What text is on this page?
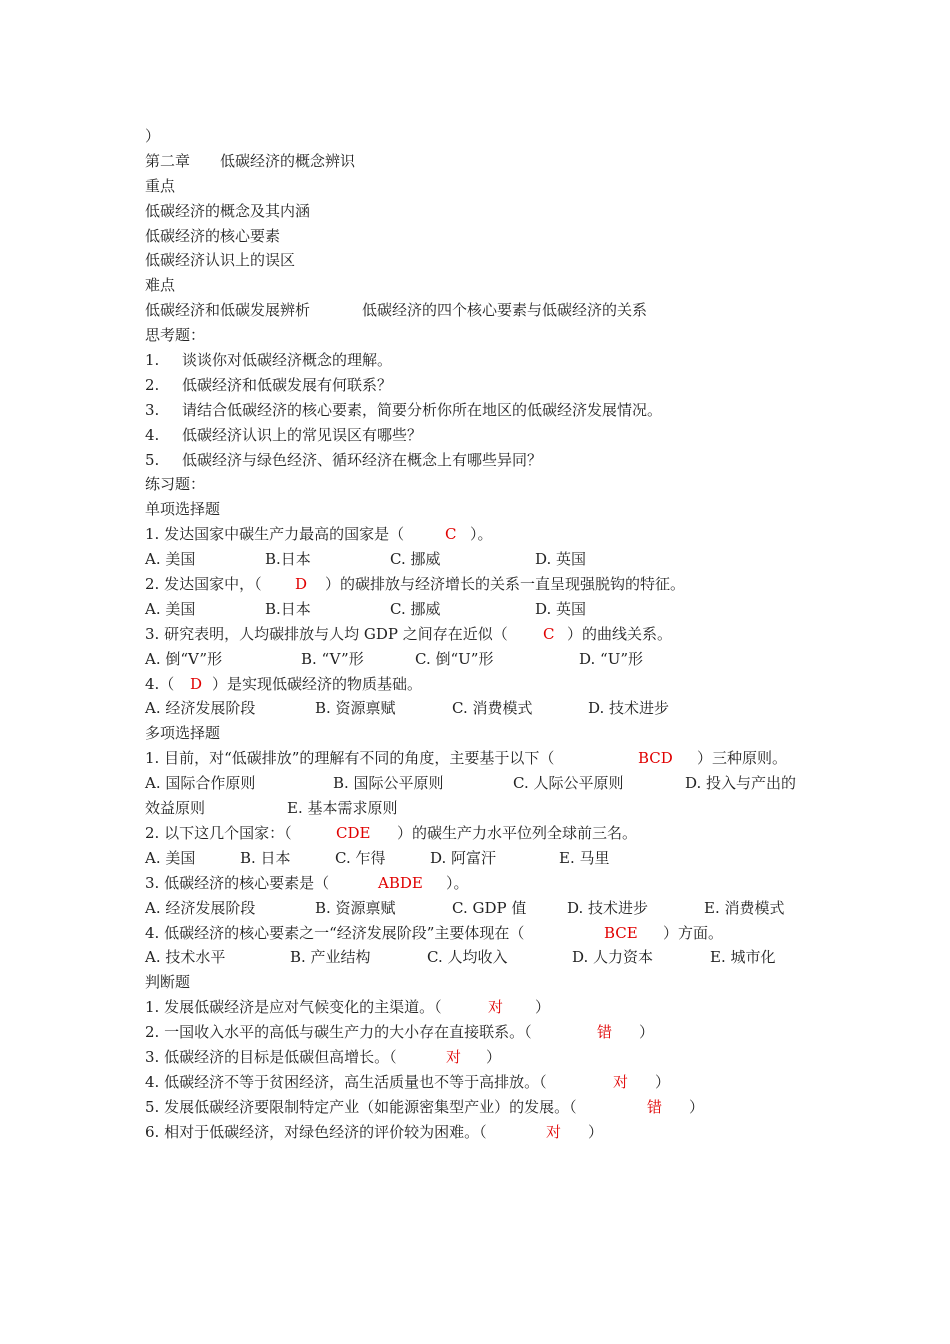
）
第二章 低碳经济的概念辨识
重点
低碳经济的概念及其内涵
低碳经济的核心要素
低碳经济认识上的误区
难点
低碳经济和低碳发展辨析	低碳经济的四个核心要素与低碳经济的关系
思考题：
1. 谈谈你对低碳经济概念的理解。
2. 低碳经济和低碳发展有何联系？
3. 请结合低碳经济的核心要素，简要分析你所在地区的低碳经济发展情况。
4. 低碳经济认识上的常见误区有哪些？
5. 低碳经济与绿色经济、循环经济在概念上有哪些异同？
练习题：
单项选择题
1. 发达国家中碳生产力最高的国家是（	C ）。
A. 美国	B.日本	C. 挪威	D. 英国
2. 发达国家中，（ D ）的碳排放与经济增长的关系一直呈现强脱钩的特征。
A. 美国	B.日本	C. 挪威	D. 英国
3. 研究表明，人均碳排放与人均 GDP 之间存在近似（ C ）的曲线关系。
A. 倒“V”形	B. “V”形	C. 倒“U”形	D. “U”形
4.（ D ）是实现低碳经济的物质基础。
A. 经济发展阶段	B. 资源禀赋	C. 消费模式	D. 技术进步
多项选择题
1. 目前，对“低碳排放”的理解有不同的角度，主要基于以下（	BCD ）三种原则。
A. 国际合作原则	B. 国际公平原则	C. 人际公平原则	D. 投入与产出的
效益原则	E. 基本需求原则
2. 以下这几个国家：（	CDE ）的碳生产力水平位列全球前三名。
A. 美国	B. 日本	C. 乍得	D. 阿富汗	E. 马里
3. 低碳经济的核心要素是（	ABDE ）。
A. 经济发展阶段	B. 资源禀赋	C. GDP 值	D. 技术进步	E. 消费模式
4. 低碳经济的核心要素之一“经济发展阶段”主要体现在（	BCE ）方面。
A. 技术水平	B. 产业结构	C. 人均收入	D. 人力资本	E. 城市化
判断题
1. 发展低碳经济是应对气候变化的主渠道。（	对 ）
2. 一国收入水平的高低与碳生产力的大小存在直接联系。（	错 ）
3. 低碳经济的目标是低碳但高增长。（	对 ）
4. 低碳经济不等于贫困经济，高生活质量也不等于高排放。（	对 ）
5. 发展低碳经济要限制特定产业（如能源密集型产业）的发展。（	错 ）
6. 相对于低碳经济，对绿色经济的评价较为困难。（	对 ）
